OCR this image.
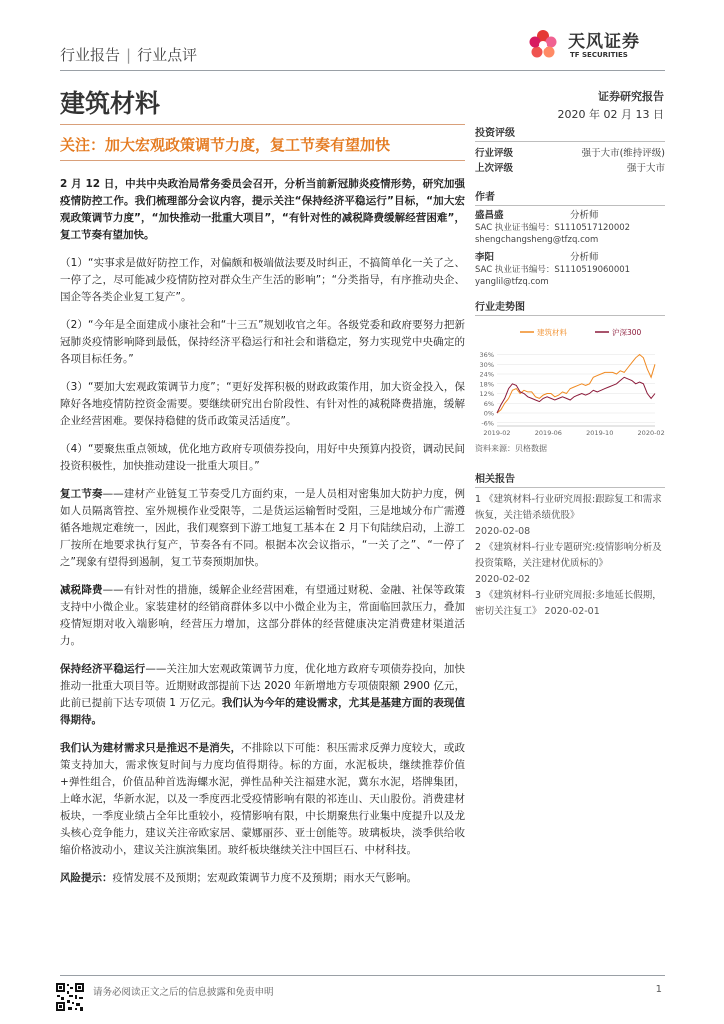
行业报告 | 行业点评
天风证券
TF SECURITIES
建筑材料	证券研究报告
2020 年 02 月 13 日
关注：加大宏观政策调节力度，复工节奏有望加快

2 月 12 日，中共中央政治局常务委员会召开，分析当前新冠肺炎疫情形势，研究加强疫情防控工作。我们梳理部分会议内容，提示关注“保持经济平稳运行”目标，“加大宏观政策调节力度”，“加快推动一批重大项目”，“有针对性的减税降费缓解经营困难”，复工节奏有望加快。

（1）“实事求是做好防控工作，对偏颇和极端做法要及时纠正，不搞简单化一关了之、一停了之，尽可能减少疫情防控对群众生产生活的影响”；“分类指导，有序推动央企、国企等各类企业复工复产”。

（2）“今年是全面建成小康社会和“十三五”规划收官之年。各级党委和政府要努力把新冠肺炎疫情影响降到最低，保持经济平稳运行和社会和谐稳定，努力实现党中央确定的各项目标任务。”

（3）“要加大宏观政策调节力度”；“更好发挥积极的财政政策作用，加大资金投入，保障好各地疫情防控资金需要。要继续研究出台阶段性、有针对性的减税降费措施，缓解企业经营困难。要保持稳健的货币政策灵活适度”。

（4）“要聚焦重点领域，优化地方政府专项债券投向，用好中央预算内投资，调动民间投资积极性，加快推动建设一批重大项目。”

复工节奏——建材产业链复工节奏受几方面约束，一是人员相对密集加大防护力度，例如人员隔离管控、室外规模作业受限等，二是货运运输暂时受阻，三是地域分布广需遵循各地规定难统一，因此，我们观察到下游工地复工基本在 2 月下旬陆续启动，上游工厂按所在地要求执行复产，节奏各有不同。根据本次会议指示，“一关了之”、“一停了之”现象有望得到遏制，复工节奏预期加快。

减税降费——有针对性的措施，缓解企业经营困难，有望通过财税、金融、社保等政策支持中小微企业。家装建材的经销商群体多以中小微企业为主，常面临回款压力，叠加疫情短期对收入端影响，经营压力增加，这部分群体的经营健康决定消费建材渠道活力。

保持经济平稳运行——关注加大宏观政策调节力度，优化地方政府专项债券投向，加快推动一批重大项目等。近期财政部提前下达 2020 年新增地方专项债限额 2900 亿元，此前已提前下达专项债 1 万亿元。我们认为今年的建设需求，尤其是基建方面的表现值得期待。

我们认为建材需求只是推迟不是消失，不排除以下可能：积压需求反弹力度较大，或政策支持加大，需求恢复时间与力度均值得期待。标的方面，水泥板块，继续推荐价值+弹性组合，价值品种首选海螺水泥，弹性品种关注福建水泥，冀东水泥，塔牌集团，上峰水泥，华新水泥，以及一季度西北受疫情影响有限的祁连山、天山股份。消费建材板块，一季度业绩占全年比重较小，疫情影响有限，中长期聚焦行业集中度提升以及龙头核心竞争能力，建议关注帝欧家居、蒙娜丽莎、亚士创能等。玻璃板块，淡季供给收缩价格波动小，建议关注旗滨集团。玻纤板块继续关注中国巨石、中材科技。

风险提示：疫情发展不及预期；宏观政策调节力度不及预期；雨水天气影响。

投资评级
行业评级	强于大市(维持评级)
上次评级	强于大市
作者
盛昌盛	分析师
SAC 执业证书编号：S1110517120002
shengchangsheng@tfzq.com
李阳	分析师
SAC 执业证书编号：S1110519060001
yanglil@tfzq.com
行业走势图
0%
6%
12%
18%
24%
30%
36%
-6%
2019-02	2019-06	2019-10	2020-02
建筑材料	沪深300
资料来源：贝格数据
相关报告
1 《建筑材料-行业研究周报:跟踪复工和需求恢复，关注错杀绩优股》
2020-02-08
2 《建筑材料-行业专题研究:疫情影响分析及投资策略，关注建材优质标的》
2020-02-02
3 《建筑材料-行业研究周报:多地延长假期，密切关注复工》 2020-02-01
请务必阅读正文之后的信息披露和免责申明	1
